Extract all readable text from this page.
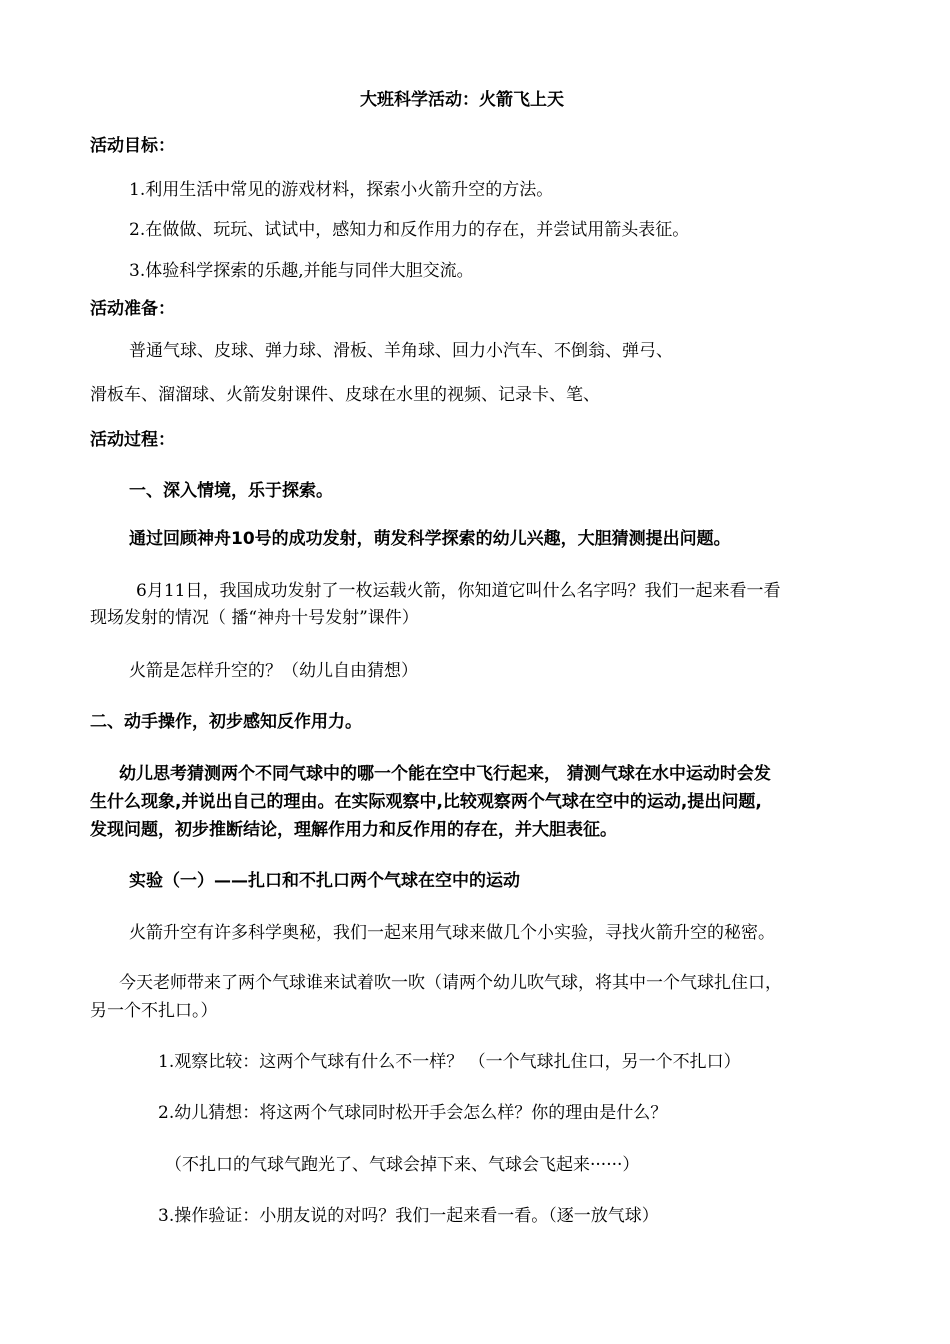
大班科学活动：火箭飞上天
活动目标：
1.利用生活中常见的游戏材料，探索小火箭升空的方法。
2.在做做、玩玩、试试中，感知力和反作用力的存在，并尝试用箭头表征。
3.体验科学探索的乐趣,并能与同伴大胆交流。
活动准备：
普通气球、皮球、弹力球、滑板、羊角球、回力小汽车、不倒翁、弹弓、
滑板车、溜溜球、火箭发射课件、皮球在水里的视频、记录卡、笔、
活动过程：
一、深入情境，乐于探索。
通过回顾神舟10号的成功发射，萌发科学探索的幼儿兴趣，大胆猜测提出问题。
6月11日，我国成功发射了一枚运载火箭，你知道它叫什么名字吗？我们一起来看一看
现场发射的情况（ 播“神舟十号发射”课件）
火箭是怎样升空的？（幼儿自由猜想）
二、动手操作，初步感知反作用力。
幼儿思考猜测两个不同气球中的哪一个能在空中飞行起来， 猜测气球在水中运动时会发
生什么现象,并说出自己的理由。在实际观察中,比较观察两个气球在空中的运动,提出问题,
发现问题，初步推断结论，理解作用力和反作用的存在，并大胆表征。
实验（一）——扎口和不扎口两个气球在空中的运动
火箭升空有许多科学奥秘，我们一起来用气球来做几个小实验，寻找火箭升空的秘密。
今天老师带来了两个气球谁来试着吹一吹（请两个幼儿吹气球，将其中一个气球扎住口，
另一个不扎口。）
1.观察比较：这两个气球有什么不一样？ （一个气球扎住口，另一个不扎口）
2.幼儿猜想：将这两个气球同时松开手会怎么样？你的理由是什么？
（不扎口的气球气跑光了、气球会掉下来、气球会飞起来······）
3.操作验证：小朋友说的对吗？我们一起来看一看。（逐一放气球）
